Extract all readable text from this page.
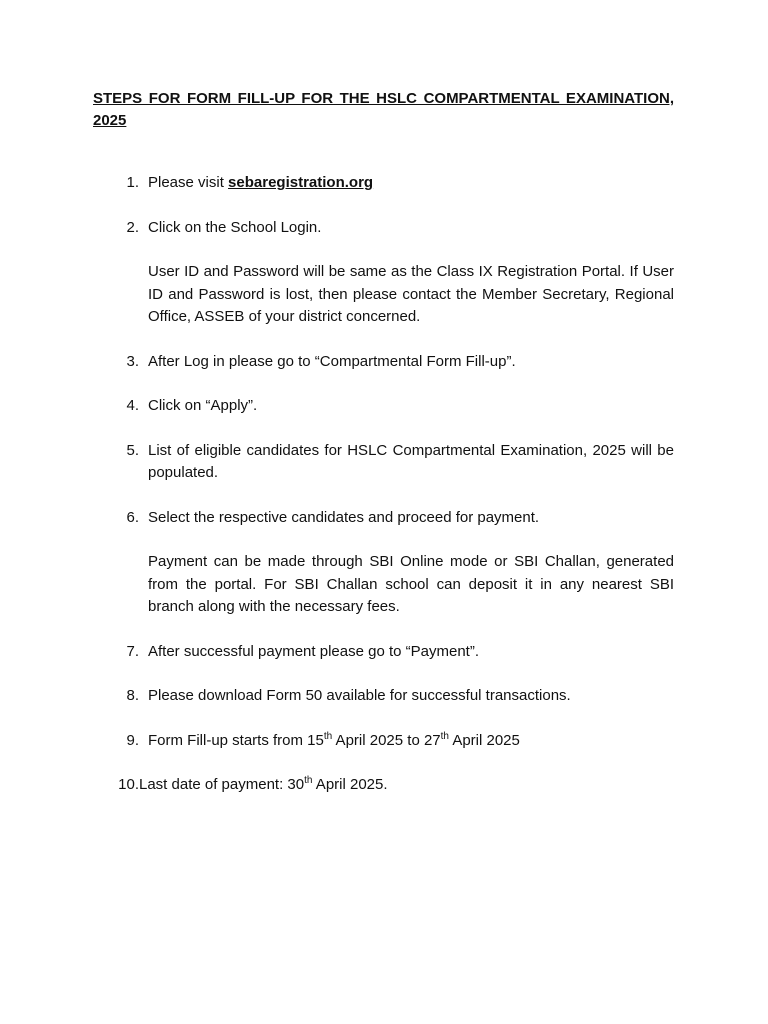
STEPS FOR FORM FILL-UP FOR THE HSLC COMPARTMENTAL EXAMINATION, 2025
1. Please visit sebaregistration.org
2. Click on the School Login.
User ID and Password will be same as the Class IX Registration Portal. If User ID and Password is lost, then please contact the Member Secretary, Regional Office, ASSEB of your district concerned.
3. After Log in please go to “Compartmental Form Fill-up”.
4. Click on “Apply”.
5. List of eligible candidates for HSLC Compartmental Examination, 2025 will be populated.
6. Select the respective candidates and proceed for payment.
Payment can be made through SBI Online mode or SBI Challan, generated from the portal. For SBI Challan school can deposit it in any nearest SBI branch along with the necessary fees.
7. After successful payment please go to “Payment”.
8. Please download Form 50 available for successful transactions.
9. Form Fill-up starts from 15th April 2025 to 27th April 2025
10. Last date of payment: 30th April 2025.
